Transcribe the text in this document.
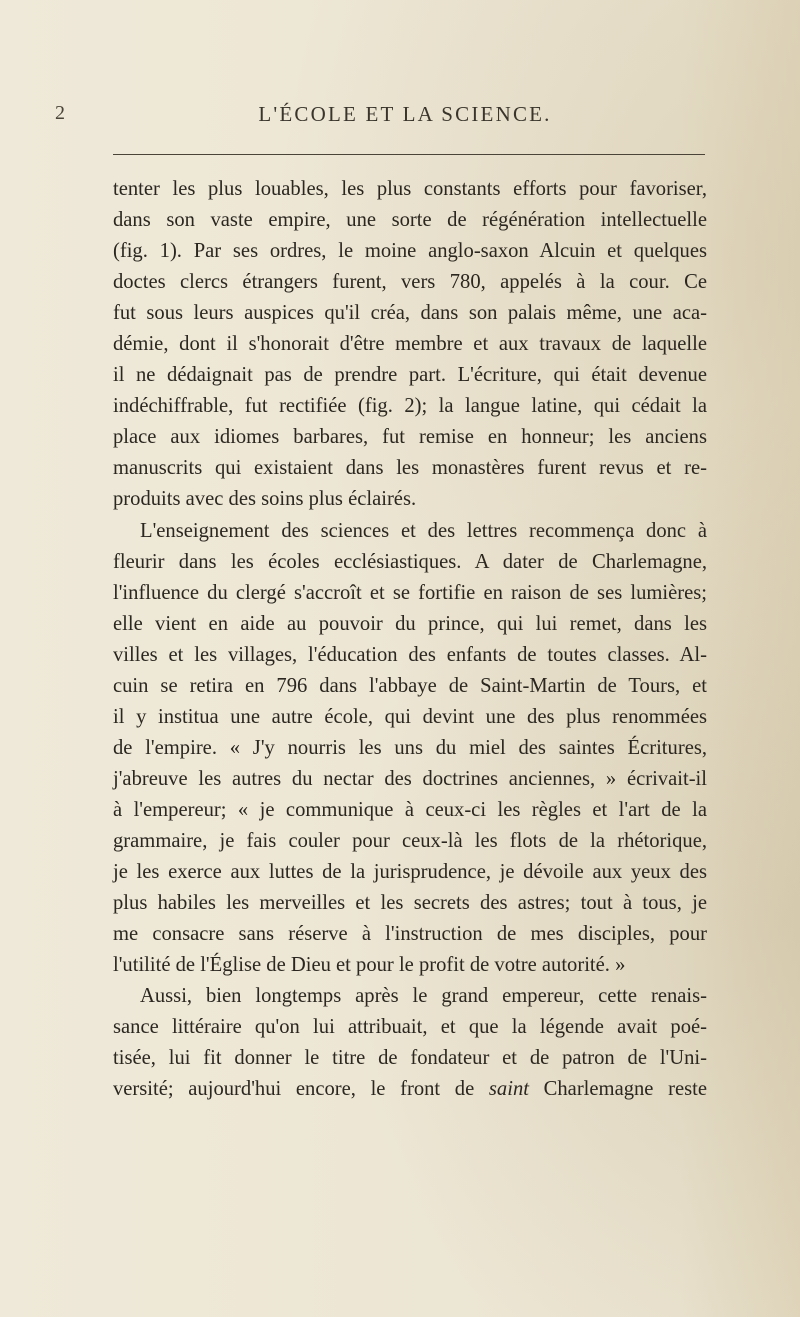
2	L'ÉCOLE ET LA SCIENCE.
tenter les plus louables, les plus constants efforts pour favoriser,
dans son vaste empire, une sorte de régénération intellectuelle
(fig. 1). Par ses ordres, le moine anglo-saxon Alcuin et quelques
doctes clercs étrangers furent, vers 780, appelés à la cour. Ce
fut sous leurs auspices qu'il créa, dans son palais même, une aca-
démie, dont il s'honorait d'être membre et aux travaux de laquelle
il ne dédaignait pas de prendre part. L'écriture, qui était devenue
indéchiffrable, fut rectifiée (fig. 2); la langue latine, qui cédait la
place aux idiomes barbares, fut remise en honneur; les anciens
manuscrits qui existaient dans les monastères furent revus et re-
produits avec des soins plus éclairés.
L'enseignement des sciences et des lettres recommença donc à
fleurir dans les écoles ecclésiastiques. A dater de Charlemagne,
l'influence du clergé s'accroît et se fortifie en raison de ses lumières;
elle vient en aide au pouvoir du prince, qui lui remet, dans les
villes et les villages, l'éducation des enfants de toutes classes. Al-
cuin se retira en 796 dans l'abbaye de Saint-Martin de Tours, et
il y institua une autre école, qui devint une des plus renommées
de l'empire. « J'y nourris les uns du miel des saintes Écritures,
j'abreuve les autres du nectar des doctrines anciennes, » écrivait-il
à l'empereur; « je communique à ceux-ci les règles et l'art de la
grammaire, je fais couler pour ceux-là les flots de la rhétorique,
je les exerce aux luttes de la jurisprudence, je dévoile aux yeux des
plus habiles les merveilles et les secrets des astres; tout à tous, je
me consacre sans réserve à l'instruction de mes disciples, pour
l'utilité de l'Église de Dieu et pour le profit de votre autorité. »
Aussi, bien longtemps après le grand empereur, cette renais-
sance littéraire qu'on lui attribuait, et que la légende avait poé-
tisée, lui fit donner le titre de fondateur et de patron de l'Uni-
versité; aujourd'hui encore, le front de saint Charlemagne reste
